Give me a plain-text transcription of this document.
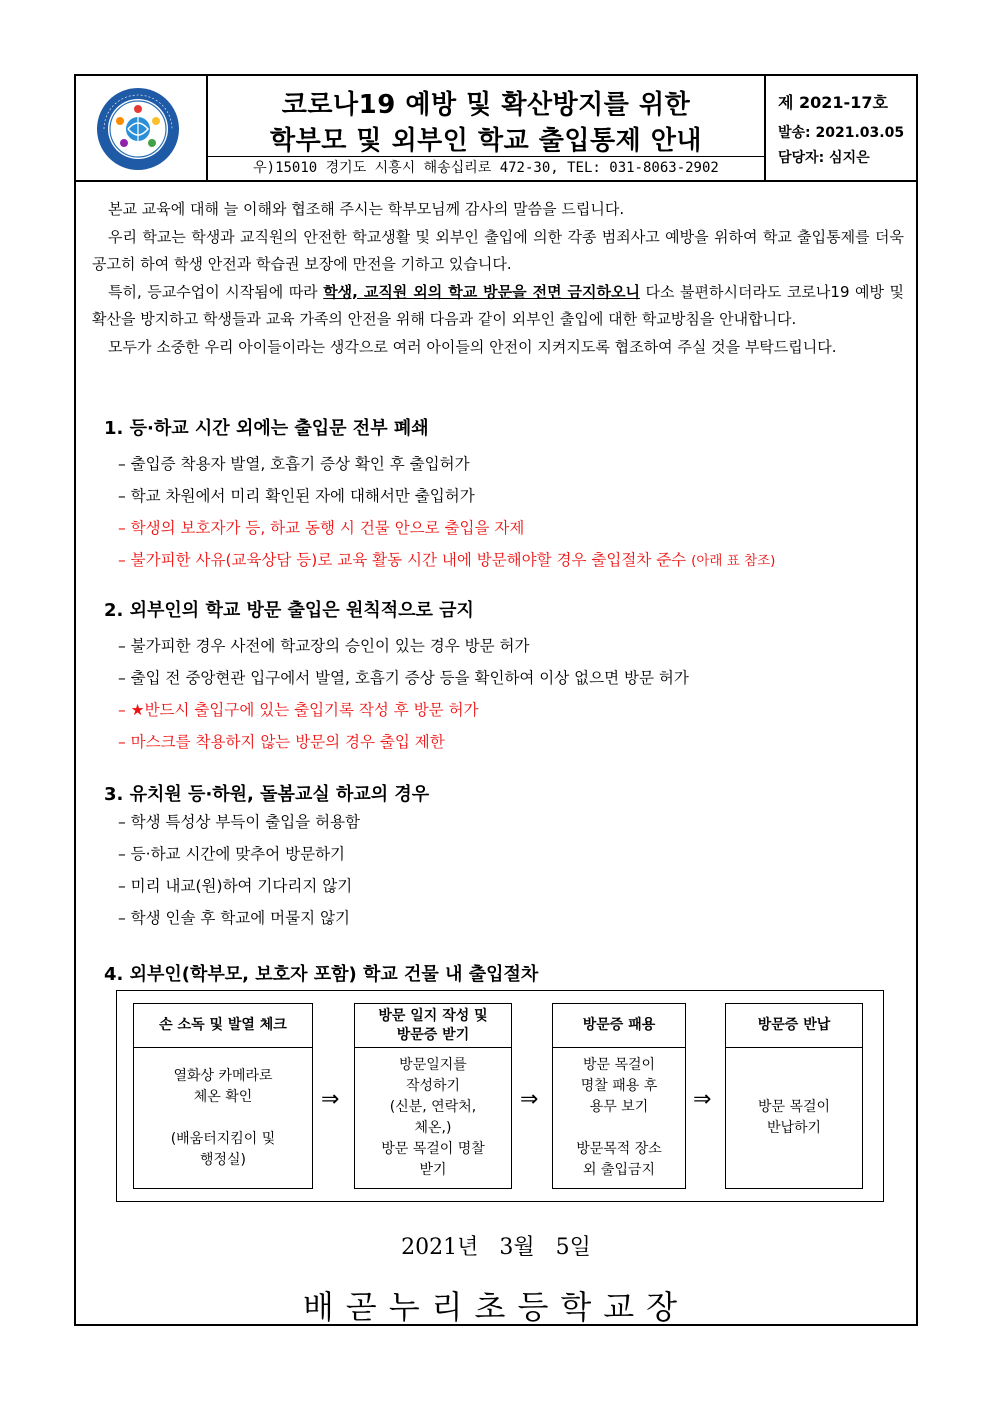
코로나19 예방 및 확산방지를 위한
학부모 및 외부인 학교 출입통제 안내
우)15010 경기도 시흥시 해송십리로 472-30, TEL: 031-8063-2902
제 2021-17호
발송: 2021.03.05
담당자: 심지은

본교 교육에 대해 늘 이해와 협조해 주시는 학부모님께 감사의 말씀을 드립니다.

우리 학교는 학생과 교직원의 안전한 학교생활 및 외부인 출입에 의한 각종 범죄사고 예방을 위하여 학교 출입통제를 더욱 공고히 하여 학생 안전과 학습권 보장에 만전을 기하고 있습니다.

특히, 등교수업이 시작됨에 따라 학생, 교직원 외의 학교 방문을 전면 금지하오니 다소 불편하시더라도 코로나19 예방 및 확산을 방지하고 학생들과 교육 가족의 안전을 위해 다음과 같이 외부인 출입에 대한 학교방침을 안내합니다.

모두가 소중한 우리 아이들이라는 생각으로 여러 아이들의 안전이 지켜지도록 협조하여 주실 것을 부탁드립니다.

1. 등·하교 시간 외에는 출입문 전부 폐쇄
– 출입증 착용자 발열, 호흡기 증상 확인 후 출입허가
– 학교 차원에서 미리 확인된 자에 대해서만 출입허가
– 학생의 보호자가 등, 하교 동행 시 건물 안으로 출입을 자제
– 불가피한 사유(교육상담 등)로 교육 활동 시간 내에 방문해야할 경우 출입절차 준수 (아래 표 참조)
2. 외부인의 학교 방문 출입은 원칙적으로 금지
– 불가피한 경우 사전에 학교장의 승인이 있는 경우 방문 허가
– 출입 전 중앙현관 입구에서 발열, 호흡기 증상 등을 확인하여 이상 없으면 방문 허가
– ★반드시 출입구에 있는 출입기록 작성 후 방문 허가
– 마스크를 착용하지 않는 방문의 경우 출입 제한
3. 유치원 등·하원, 돌봄교실 하교의 경우
– 학생 특성상 부득이 출입을 허용함
– 등·하교 시간에 맞추어 방문하기
– 미리 내교(원)하여 기다리지 않기
– 학생 인솔 후 학교에 머물지 않기
4. 외부인(학부모, 보호자 포함) 학교 건물 내 출입절차
손 소독 및 발열 체크
열화상 카메라로
체온 확인

(배움터지킴이 및
행정실)
⇒
방문 일지 작성 및
방문증 받기
방문일지를
작성하기
(신분, 연락처,
체온,)
방문 목걸이 명찰
받기
⇒
방문증 패용
방문 목걸이
명찰 패용 후
용무 보기

방문목적 장소
외 출입금지
⇒
방문증 반납
방문 목걸이
반납하기
2021년 3월 5일
배곧누리초등학교장
